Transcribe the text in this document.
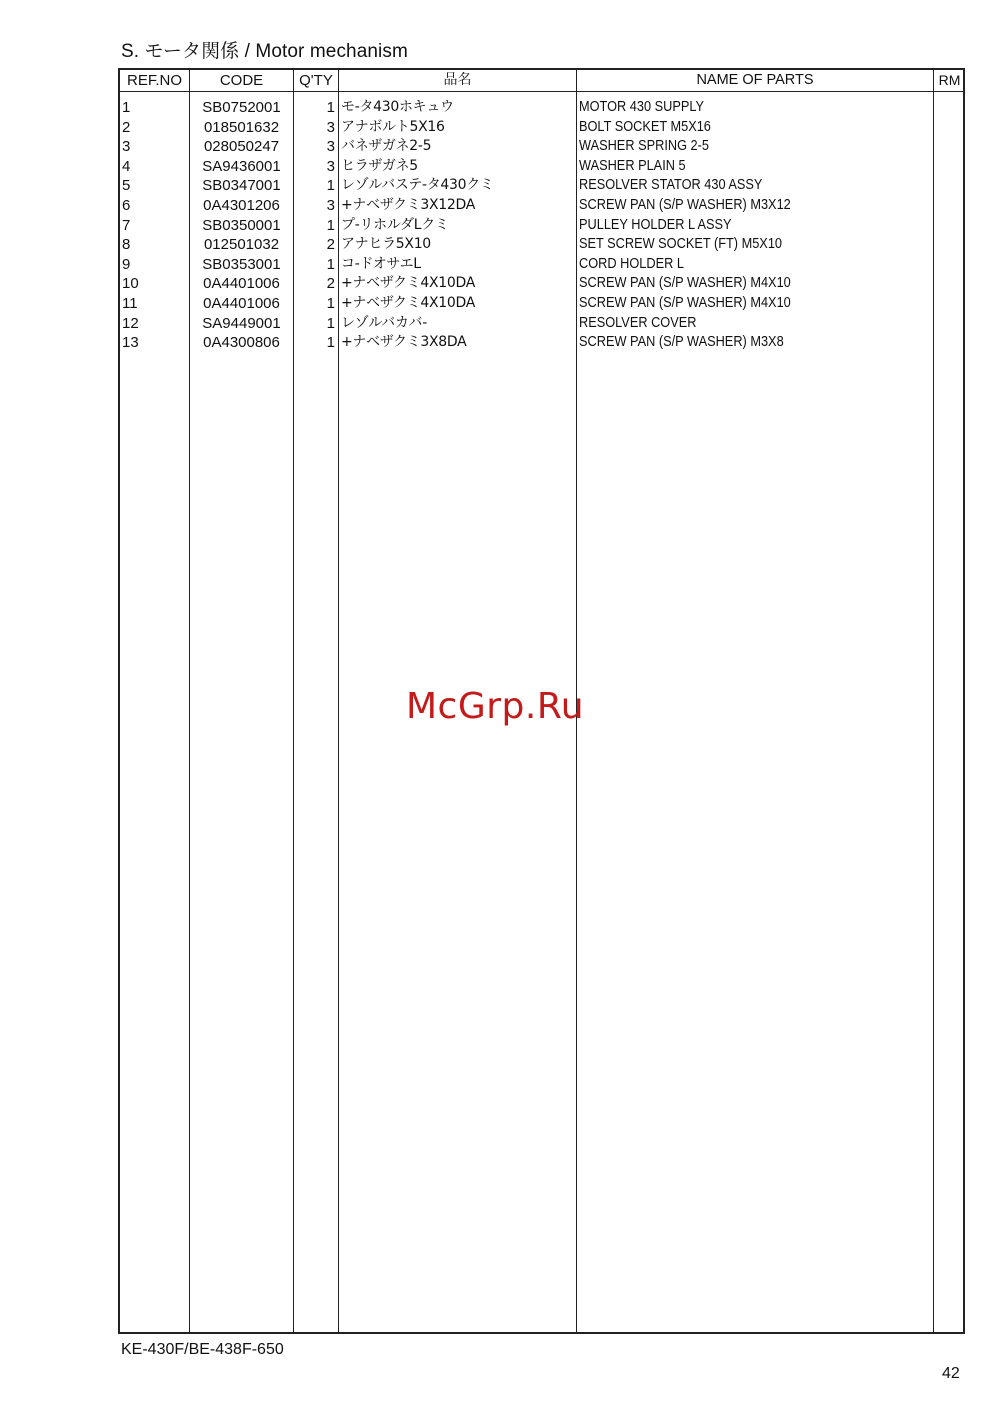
S. モータ関係 / Motor mechanism
REF.NO	CODE	Q'TY	品名	NAME OF PARTS	RM
1	SB0752001	1 モ-タ430ホキュウ	MOTOR 430 SUPPLY
2	018501632	3 アナボルト5X16	BOLT SOCKET M5X16
3	028050247	3 バネザガネ2-5	WASHER SPRING 2-5
4	SA9436001	3 ヒラザガネ5	WASHER PLAIN 5
5	SB0347001	1 レゾルバステ-タ430クミ	RESOLVER STATOR 430 ASSY
6	0A4301206	3 +ナベザクミ3X12DA	SCREW PAN (S/P WASHER) M3X12
7	SB0350001	1 プ-リホルダLクミ	PULLEY HOLDER L ASSY
8	012501032	2 アナヒラ5X10	SET SCREW SOCKET (FT) M5X10
9	SB0353001	1 コ-ドオサエL	CORD HOLDER L
10	0A4401006	2 +ナベザクミ4X10DA	SCREW PAN (S/P WASHER) M4X10
11	0A4401006	1 +ナベザクミ4X10DA	SCREW PAN (S/P WASHER) M4X10
12	SA9449001	1 レゾルバカバ-	RESOLVER COVER
13	0A4300806	1 +ナベザクミ3X8DA	SCREW PAN (S/P WASHER) M3X8
McGrp.Ru
KE-430F/BE-438F-650
42
